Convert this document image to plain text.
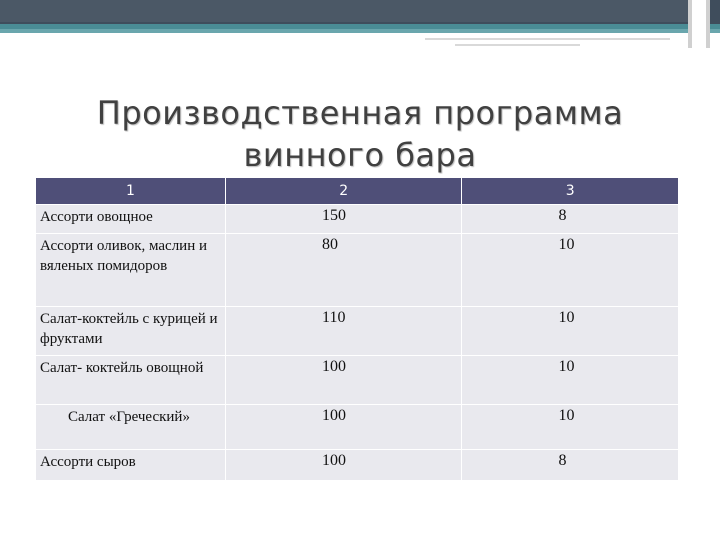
Производственная программа
винного бара
1	2	3
Ассорти овощное	150	8
Ассорти оливок, маслин и вяленых помидоров	80	10
Салат-коктейль с курицей и фруктами	110	10
Салат- коктейль овощной	100	10
Салат «Греческий»	100	10
Ассорти сыров	100	8
